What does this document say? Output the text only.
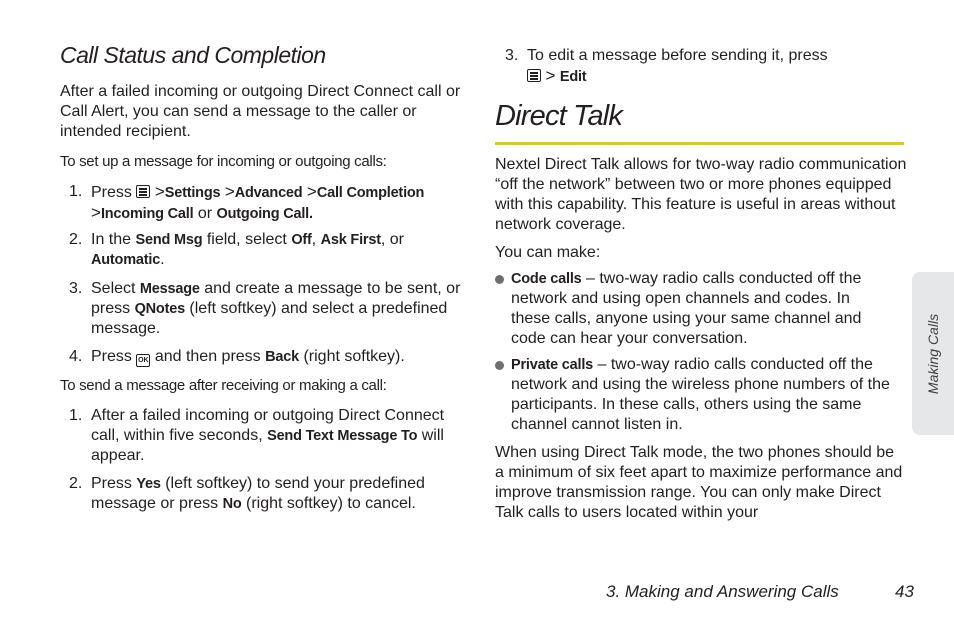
Call Status and Completion

After a failed incoming or outgoing Direct Connect call or Call Alert, you can send a message to the caller or intended recipient.

To set up a message for incoming or outgoing calls:

1. Press >Settings >Advanced >Call Completion
>Incoming Call or Outgoing Call.
2. In the Send Msg field, select Off, Ask First, or
Automatic.
3. Select Message and create a message to be sent, or press QNotes (left softkey) and select a predefined message.
4. Press OK and then press Back (right softkey).

To send a message after receiving or making a call:

1. After a failed incoming or outgoing Direct Connect call, within five seconds, Send Text Message To will appear.
2. Press Yes (left softkey) to send your predefined message or press No (right softkey) to cancel.
3. To edit a message before sending it, press
> Edit
Direct Talk

Nextel Direct Talk allows for two-way radio communication “off the network” between two or more phones equipped with this capability. This feature is useful in areas without network coverage.

You can make:

Code calls – two-way radio calls conducted off the network and using open channels and codes. In these calls, anyone using your same channel and code can hear your conversation.
Private calls – two-way radio calls conducted off the network and using the wireless phone numbers of the participants. In these calls, others using the same channel cannot listen in.

When using Direct Talk mode, the two phones should be a minimum of six feet apart to maximize performance and improve transmission range. You can only make Direct Talk calls to users located within your

Making Calls
3. Making and Answering Calls	43
